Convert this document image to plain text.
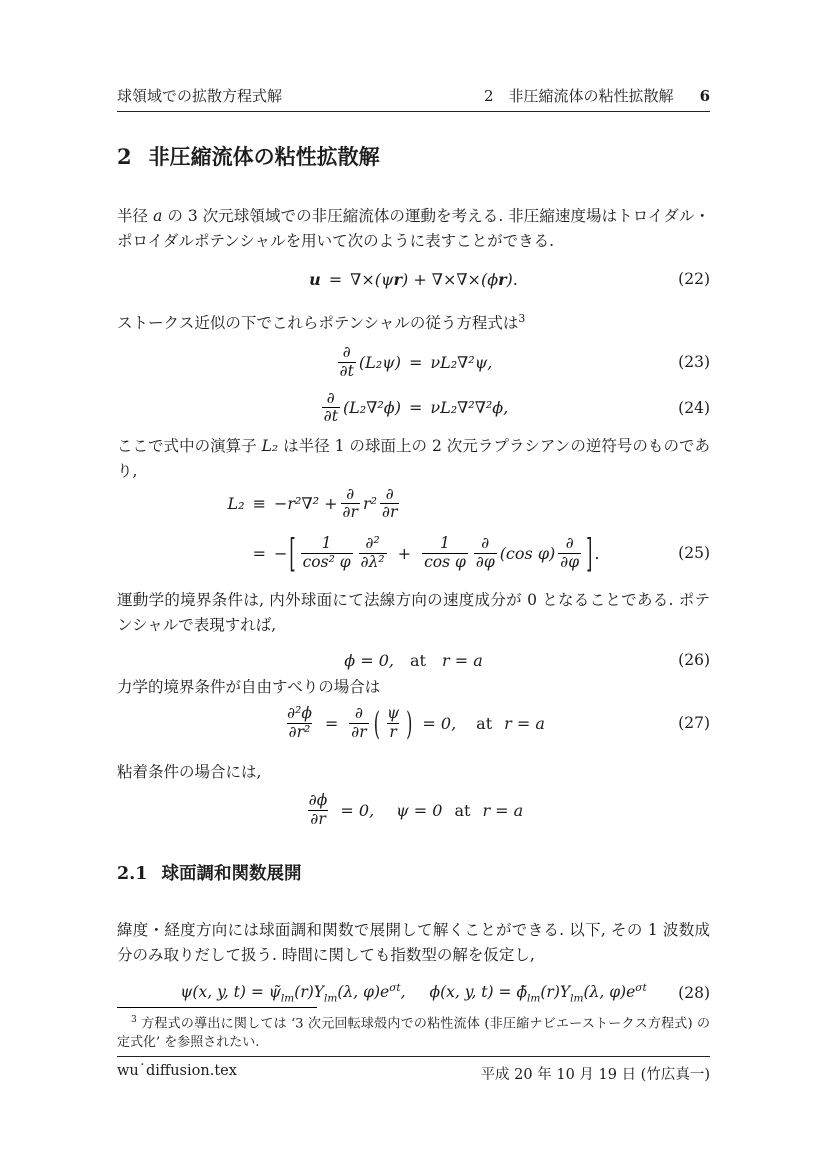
球領域での拡散方程式解	2　非圧縮流体の粘性拡散解 6
2 非圧縮流体の粘性拡散解

半径 a の 3 次元球領域での非圧縮流体の運動を考える. 非圧縮速度場はトロイダル・ポロイダルポテンシャルを用いて次のように表すことができる.

u = ∇×(ψ r ) + ∇×∇×(ϕ r ).	(22)

ストークス近似の下でこれらポテンシャルの従う方程式は$^3$

$\frac{\partial}{\partial t} (L_2\psi) = \nu L_2\nabla^2\psi$,	(23)
$\frac{\partial}{\partial t} (L_2\nabla^2\phi) = \nu L_2\nabla^2\nabla^2\phi$,	(24)

ここで式中の演算子 L₂ は半径 1 の球面上の 2 次元ラプラシアンの逆符号のものであり,

$L_2 \equiv -r^2\nabla^2 + \frac{\partial}{\partial r} r^2 \frac{\partial}{\partial r}$
= − [ $\frac{1}{\text{cos² φ}} \frac{\text{∂²}}{\text{∂λ²}} + \frac{1}{\text{cos φ}} \frac{\partial}{\partial\varphi} (\cos$ $\varphi) \frac{\partial}{\partial\varphi}$ ] .	(25)

運動学的境界条件は, 内外球面にて法線方向の速度成分が 0 となることである. ポテンシャルで表現すれば,

ϕ = 0, at r = a	(26)

力学的境界条件が自由すべりの場合は

$\frac{\text{∂²ϕ}}{\text{∂r²}} = \frac{\partial}{\partial r}$ ( $\frac{\psi}{r}$ ) = 0,	at r = a	(27)

粘着条件の場合には,

$\frac{\partial\phi}{\partial r} = 0$,	ψ = 0 at r = a
2.1 球面調和関数展開

緯度・経度方向には球面調和関数で展開して解くことができる. 以下, その 1 波数成分のみ取りだして扱う. 時間に関しても指数型の解を仮定し,

ψ(x, y, $t) = \psĩ_{lm}(r)Y_{lm}(\lambda$, $\varphi)e^{\sigma t}$, ϕ(x, y, $t) = \phĩ_{lm}(r)Y_{lm}(\lambda$, $\varphi)e^{\sigma t}$ (28)
$^3$ 方程式の導出に関しては ‘3 次元回転球殻内での粘性流体 (非圧縮ナビエーストークス方程式) の定式化’ を参照されたい.
wu˙diffusion.tex	平成 20 年 10 月 19 日 (竹広真一)
